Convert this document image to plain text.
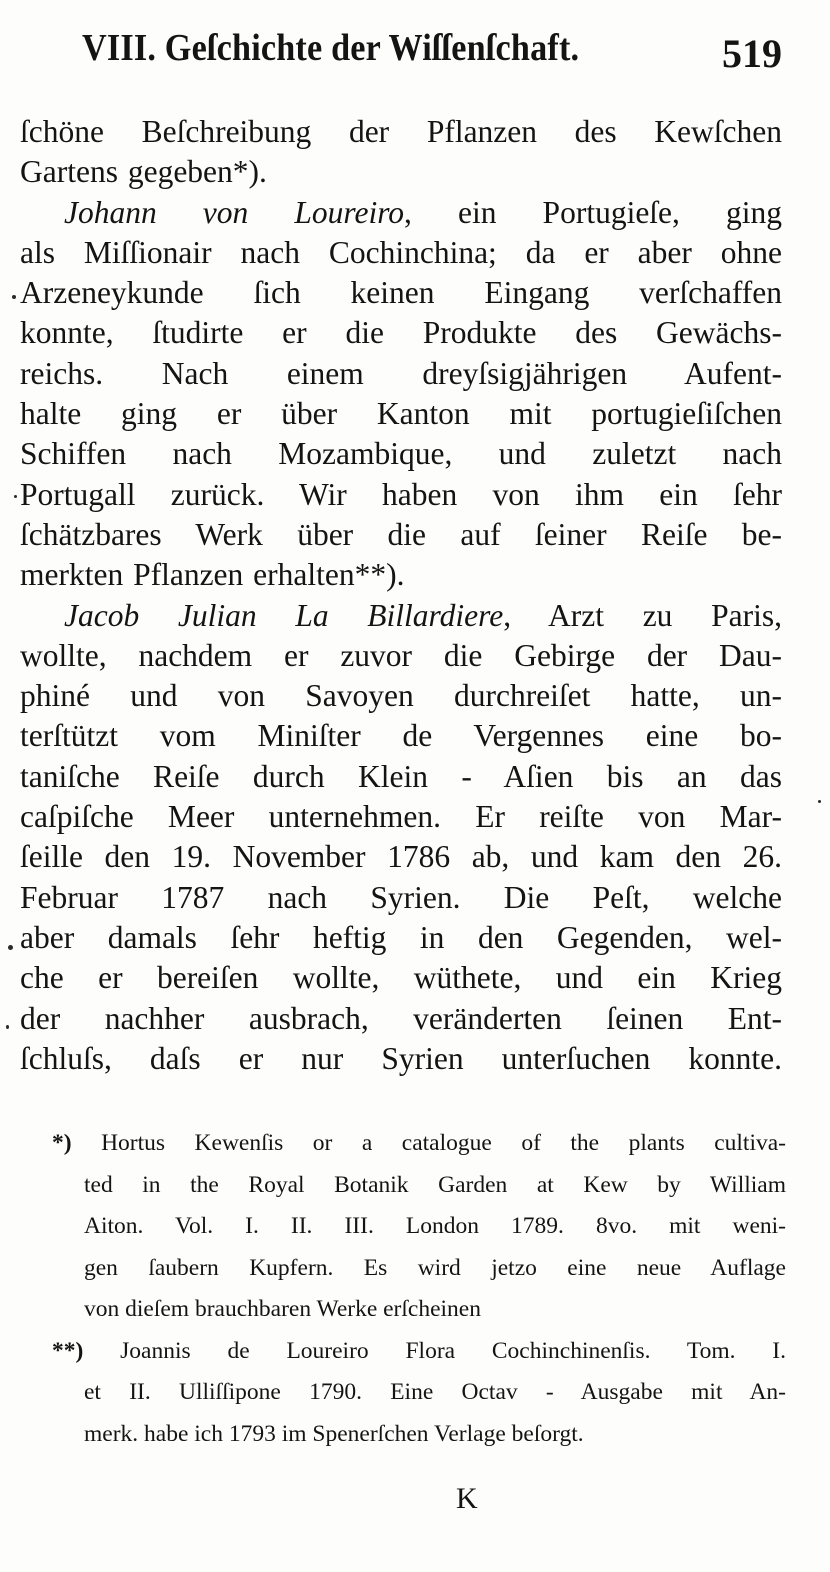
VIII. Geſchichte der Wiſſenſchaft.	519
ſchöne Beſchreibung der Pflanzen des Kewſchen
Gartens gegeben*).
Johann von Loureiro, ein Portugieſe, ging
als Miſſionair nach Cochinchina; da er aber ohne
Arzeneykunde ſich keinen Eingang verſchaffen
konnte, ſtudirte er die Produkte des Gewächs-
reichs. Nach einem dreyſsigjährigen Aufent-
halte ging er über Kanton mit portugieſiſchen
Schiffen nach Mozambique, und zuletzt nach
Portugall zurück. Wir haben von ihm ein ſehr
ſchätzbares Werk über die auf ſeiner Reiſe be-
merkten Pflanzen erhalten**).
Jacob Julian La Billardiere, Arzt zu Paris,
wollte, nachdem er zuvor die Gebirge der Dau-
phiné und von Savoyen durchreiſet hatte, un-
terſtützt vom Miniſter de Vergennes eine bo-
taniſche Reiſe durch Klein - Aſien bis an das
caſpiſche Meer unternehmen. Er reiſte von Mar-
ſeille den 19. November 1786 ab, und kam den 26.
Februar 1787 nach Syrien. Die Peſt, welche
aber damals ſehr heftig in den Gegenden, wel-
che er bereiſen wollte, wüthete, und ein Krieg
der nachher ausbrach, veränderten ſeinen Ent-
ſchluſs, daſs er nur Syrien unterſuchen konnte.
*) Hortus Kewenſis or a catalogue of the plants cultiva-
ted in the Royal Botanik Garden at Kew by William
Aiton. Vol. I. II. III. London 1789. 8vo. mit weni-
gen ſaubern Kupfern. Es wird jetzo eine neue Auflage
von dieſem brauchbaren Werke erſcheinen
**) Joannis de Loureiro Flora Cochinchinenſis. Tom. I.
et II. Ulliſſipone 1790. Eine Octav - Ausgabe mit An-
merk. habe ich 1793 im Spenerſchen Verlage beſorgt.
K
